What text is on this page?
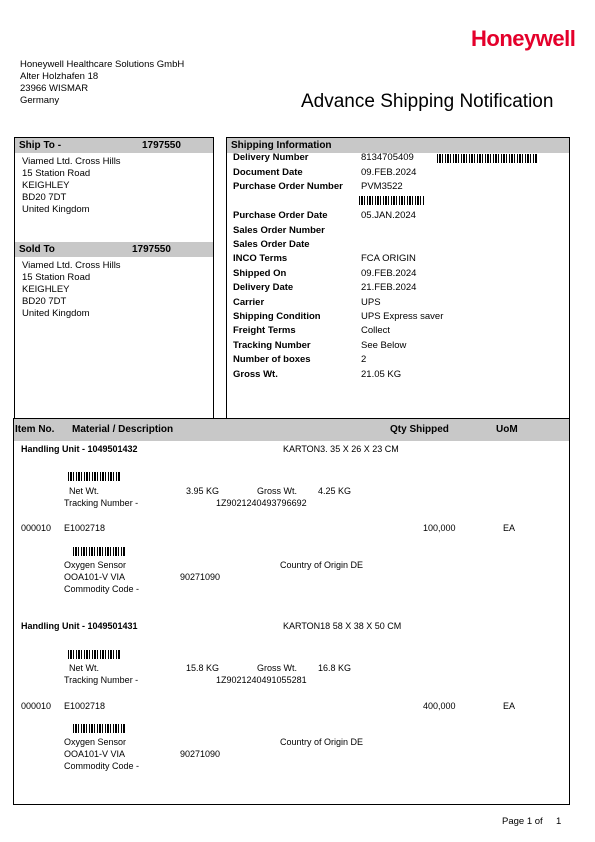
Honeywell
Honeywell Healthcare Solutions GmbH
Alter Holzhafen 18
23966 WISMAR
Germany	Advance Shipping Notification
Ship To -	1797550
Viamed Ltd. Cross Hills
15 Station Road
KEIGHLEY
BD20 7DT
United Kingdom
Sold To	1797550
Viamed Ltd. Cross Hills
15 Station Road
KEIGHLEY
BD20 7DT
United Kingdom
Shipping Information
Delivery Number	8134705409
Document Date	09.FEB.2024
Purchase Order Number PVM3522
Purchase Order Date	05.JAN.2024
Sales Order Number
Sales Order Date
INCO Terms	FCA ORIGIN
Shipped On	09.FEB.2024
Delivery Date	21.FEB.2024
Carrier	UPS
Shipping Condition	UPS Express saver
Freight Terms	Collect
Tracking Number	See Below
Number of boxes	2
Gross Wt.	21.05 KG
Item No. Material / Description	Qty Shipped	UoM
Handling Unit - 1049501432	KARTON3. 35 X 26 X 23 CM
Net Wt.	3.95 KG	Gross Wt. 4.25 KG
Tracking Number -	1Z9021240493796692
000010 E1002718	100,000	EA
Oxygen Sensor	Country of Origin DE
OOA101-V VIA	90271090
Commodity Code -
Handling Unit - 1049501431	KARTON18 58 X 38 X 50 CM
Net Wt.	15.8 KG	Gross Wt. 16.8 KG
Tracking Number -	1Z9021240491055281
000010 E1002718	400,000	EA
Oxygen Sensor	Country of Origin DE
OOA101-V VIA	90271090
Commodity Code -
Page 1 of 1
